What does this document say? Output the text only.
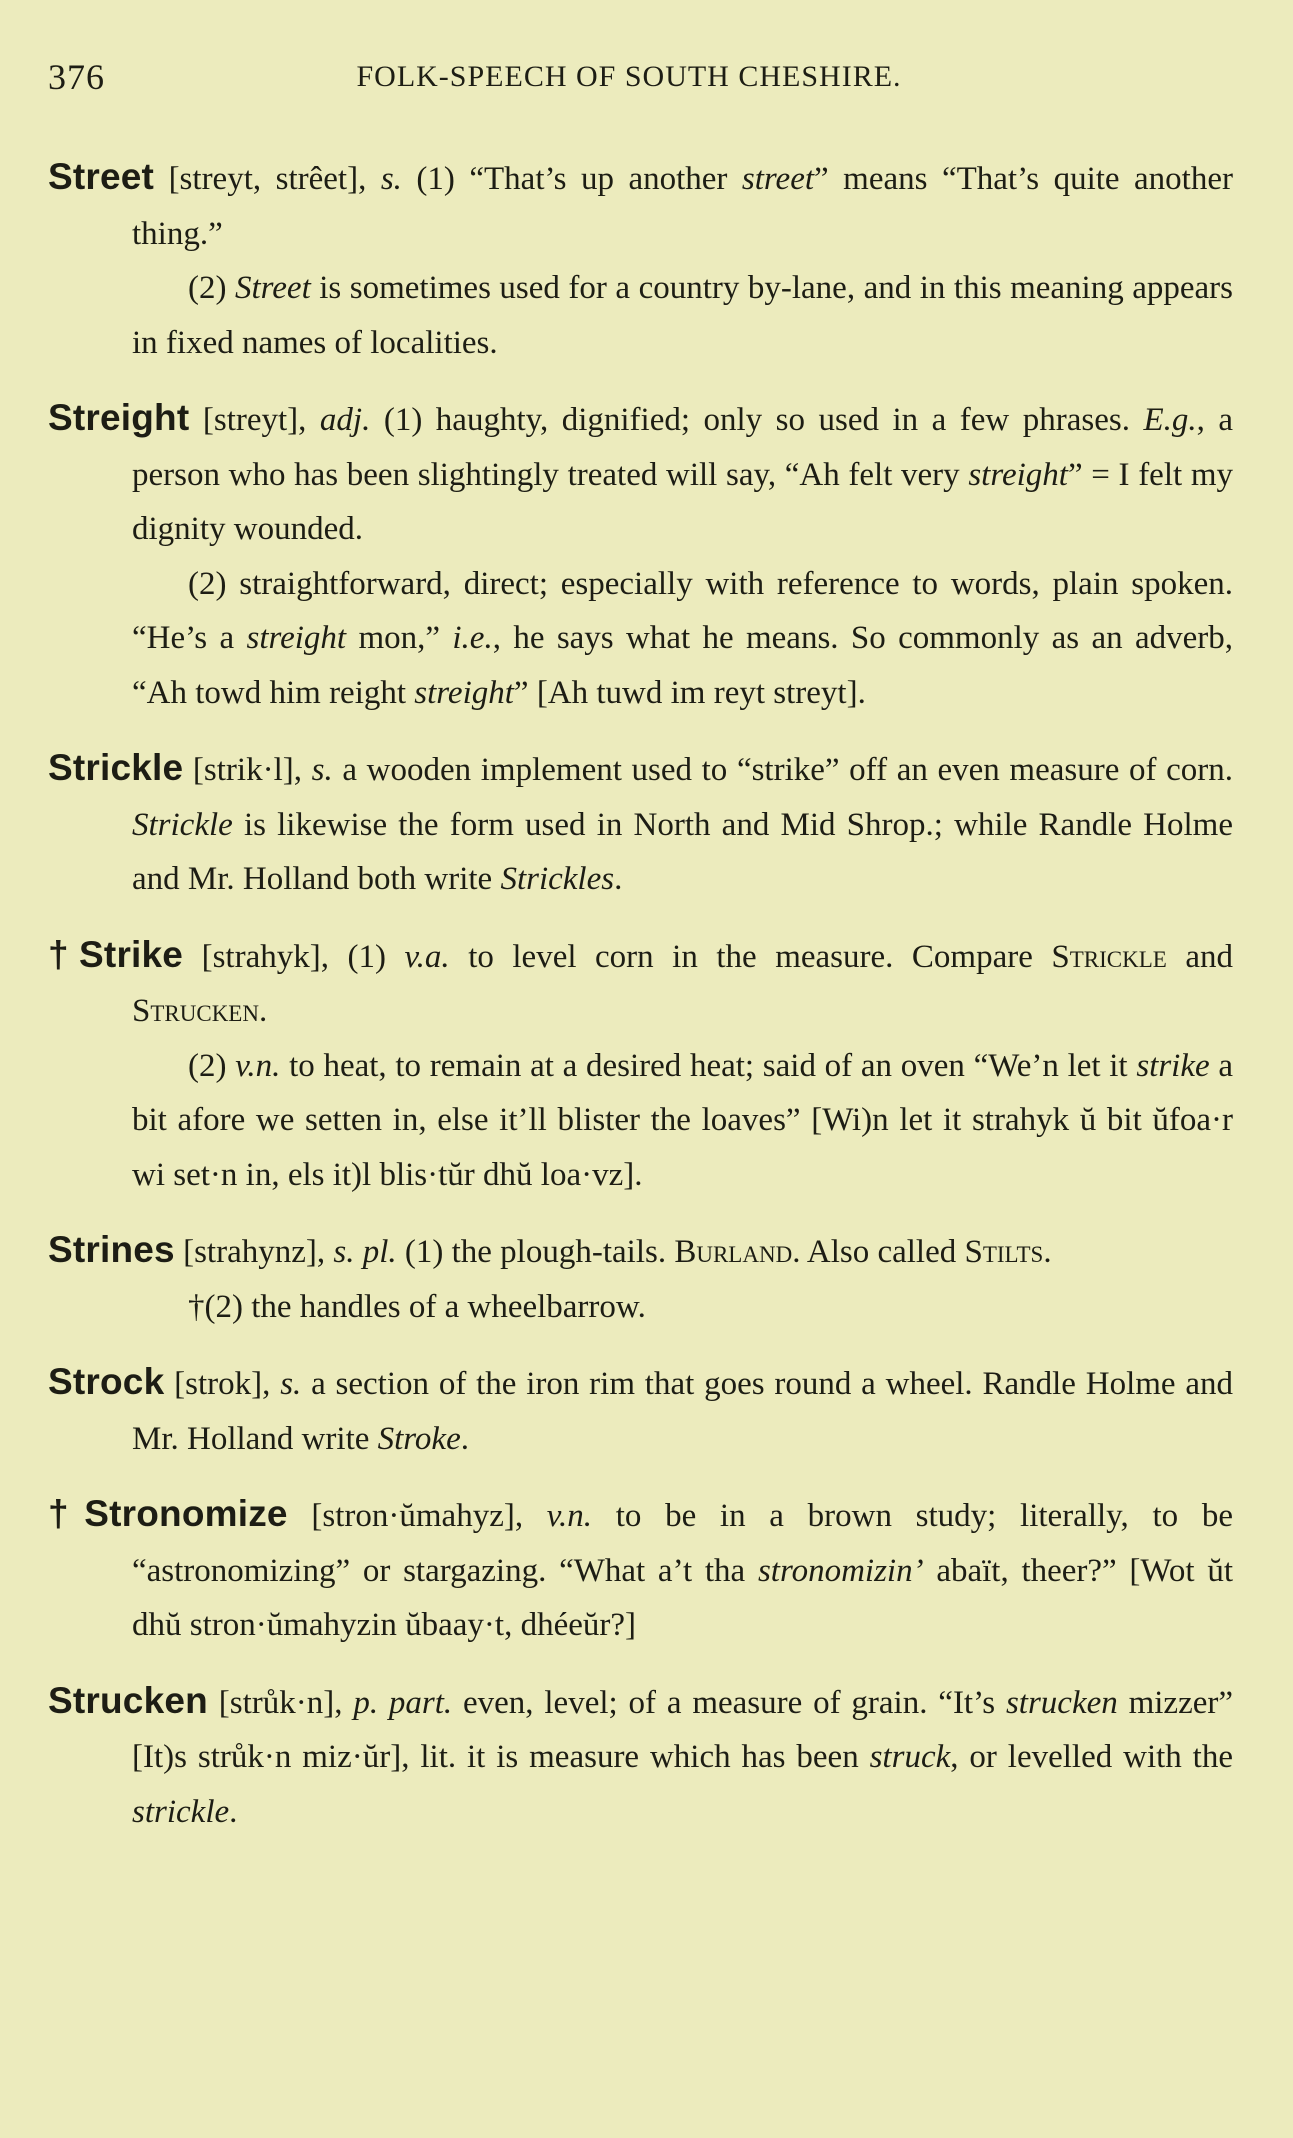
376	FOLK-SPEECH OF SOUTH CHESHIRE.

Street [streyt, strêet], s. (1) “That’s up another street” means “That’s quite another thing.”

(2) Street is sometimes used for a country by-lane, and in this meaning appears in fixed names of localities.

Streight [streyt], adj. (1) haughty, dignified; only so used in a few phrases. E.g., a person who has been slightingly treated will say, “Ah felt very streight” = I felt my dignity wounded.

(2) straightforward, direct; especially with reference to words, plain spoken. “He’s a streight mon,” i.e., he says what he means. So commonly as an adverb, “Ah towd him reight streight” [Ah tuwd im reyt streyt].

Strickle [strik·l], s. a wooden implement used to “strike” off an even measure of corn. Strickle is likewise the form used in North and Mid Shrop.; while Randle Holme and Mr. Holland both write Strickles.

†Strike [strahyk], (1) v.a. to level corn in the measure. Compare Strickle and Strucken.

(2) v.n. to heat, to remain at a desired heat; said of an oven “We’n let it strike a bit afore we setten in, else it’ll blister the loaves” [Wi)n let it strahyk ŭ bit ŭfoa·r wi set·n in, els it)l blis·tŭr dhŭ loa·vz].

Strines [strahynz], s. pl. (1) the plough-tails. Burland. Also called Stilts.

†(2) the handles of a wheelbarrow.

Strock [strok], s. a section of the iron rim that goes round a wheel. Randle Holme and Mr. Holland write Stroke.

†Stronomize [stron·ŭmahyz], v.n. to be in a brown study; literally, to be “astronomizing” or stargazing. “What a’t tha stronomizin’ abaït, theer?” [Wot ŭt dhŭ stron·ŭmahyzin ŭbaay·t, dhéeŭr?]

Strucken [strůk·n], p. part. even, level; of a measure of grain. “It’s strucken mizzer” [It)s strůk·n miz·ŭr], lit. it is measure which has been struck, or levelled with the strickle.
